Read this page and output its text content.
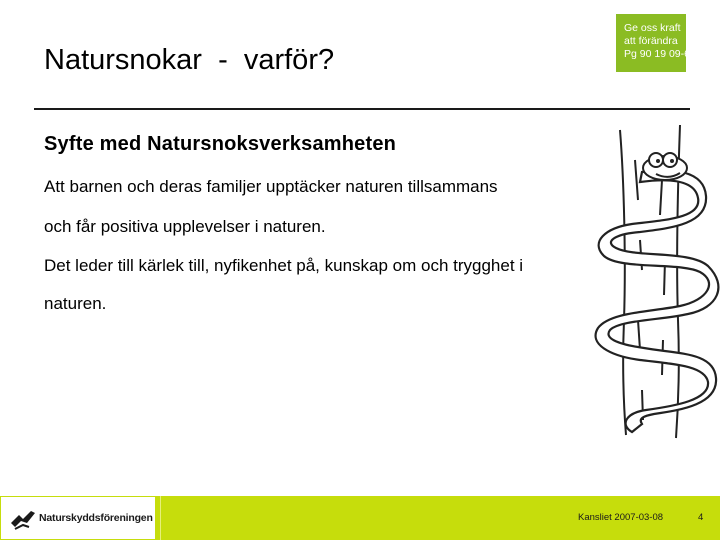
Natursnokar  -  varför?
Ge oss kraft
att förändra
Pg 90 19 09-6
Syfte med Natursnoksverksamheten
Att barnen och deras familjer upptäcker naturen tillsammans
och får positiva upplevelser i naturen.
Det leder till kärlek till, nyfikenhet på, kunskap om och trygghet i
naturen.
Naturskyddsföreningen	Kansliet 2007-03-08	4
